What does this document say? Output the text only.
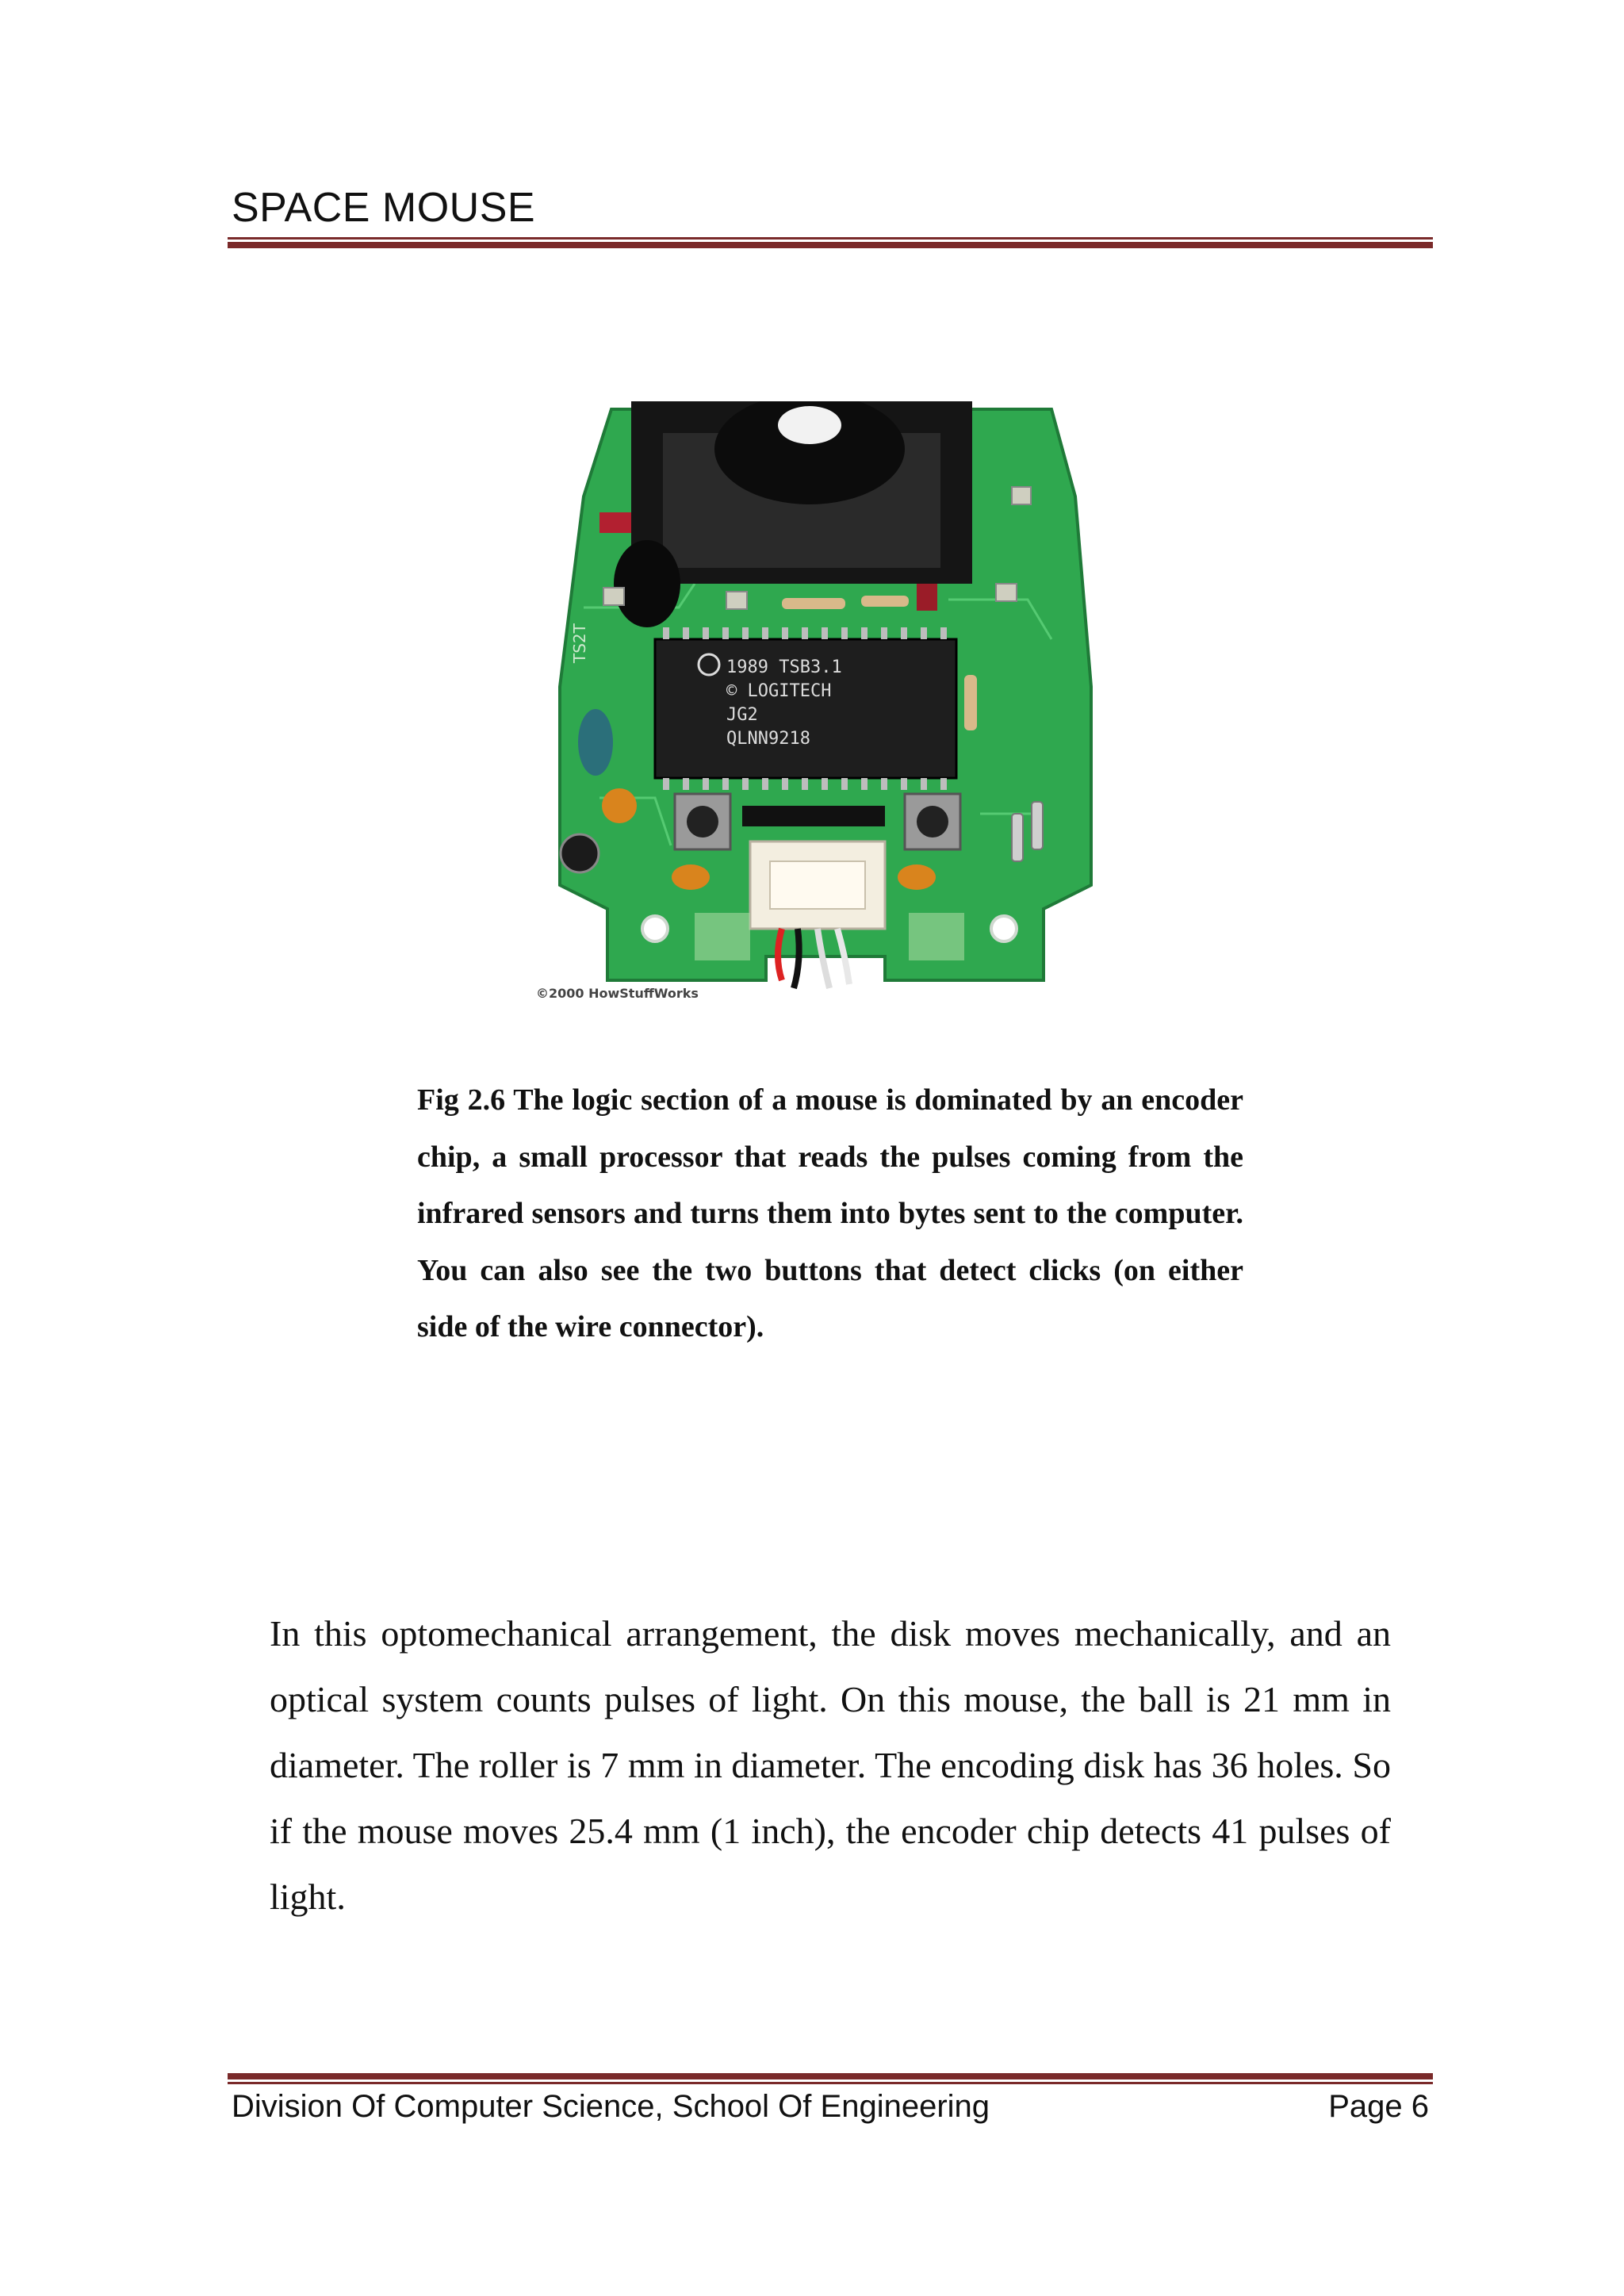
SPACE MOUSE
1989 TSB3.1
© LOGITECH
JG2
QLNN9218
TS2T
©2000 HowStuffWorks
Fig 2.6 The logic section of a mouse is dominated by an encoder chip, a small processor that reads the pulses coming from the infrared sensors and turns them into bytes sent to the computer. You can also see the two buttons that detect clicks (on either side of the wire connector).
In this optomechanical arrangement, the disk moves mechanically, and an optical system counts pulses of light. On this mouse, the ball is 21 mm in diameter. The roller is 7 mm in diameter. The encoding disk has 36 holes. So if the mouse moves 25.4 mm (1 inch), the encoder chip detects 41 pulses of light.
Division Of Computer Science, School Of Engineering	Page 6
